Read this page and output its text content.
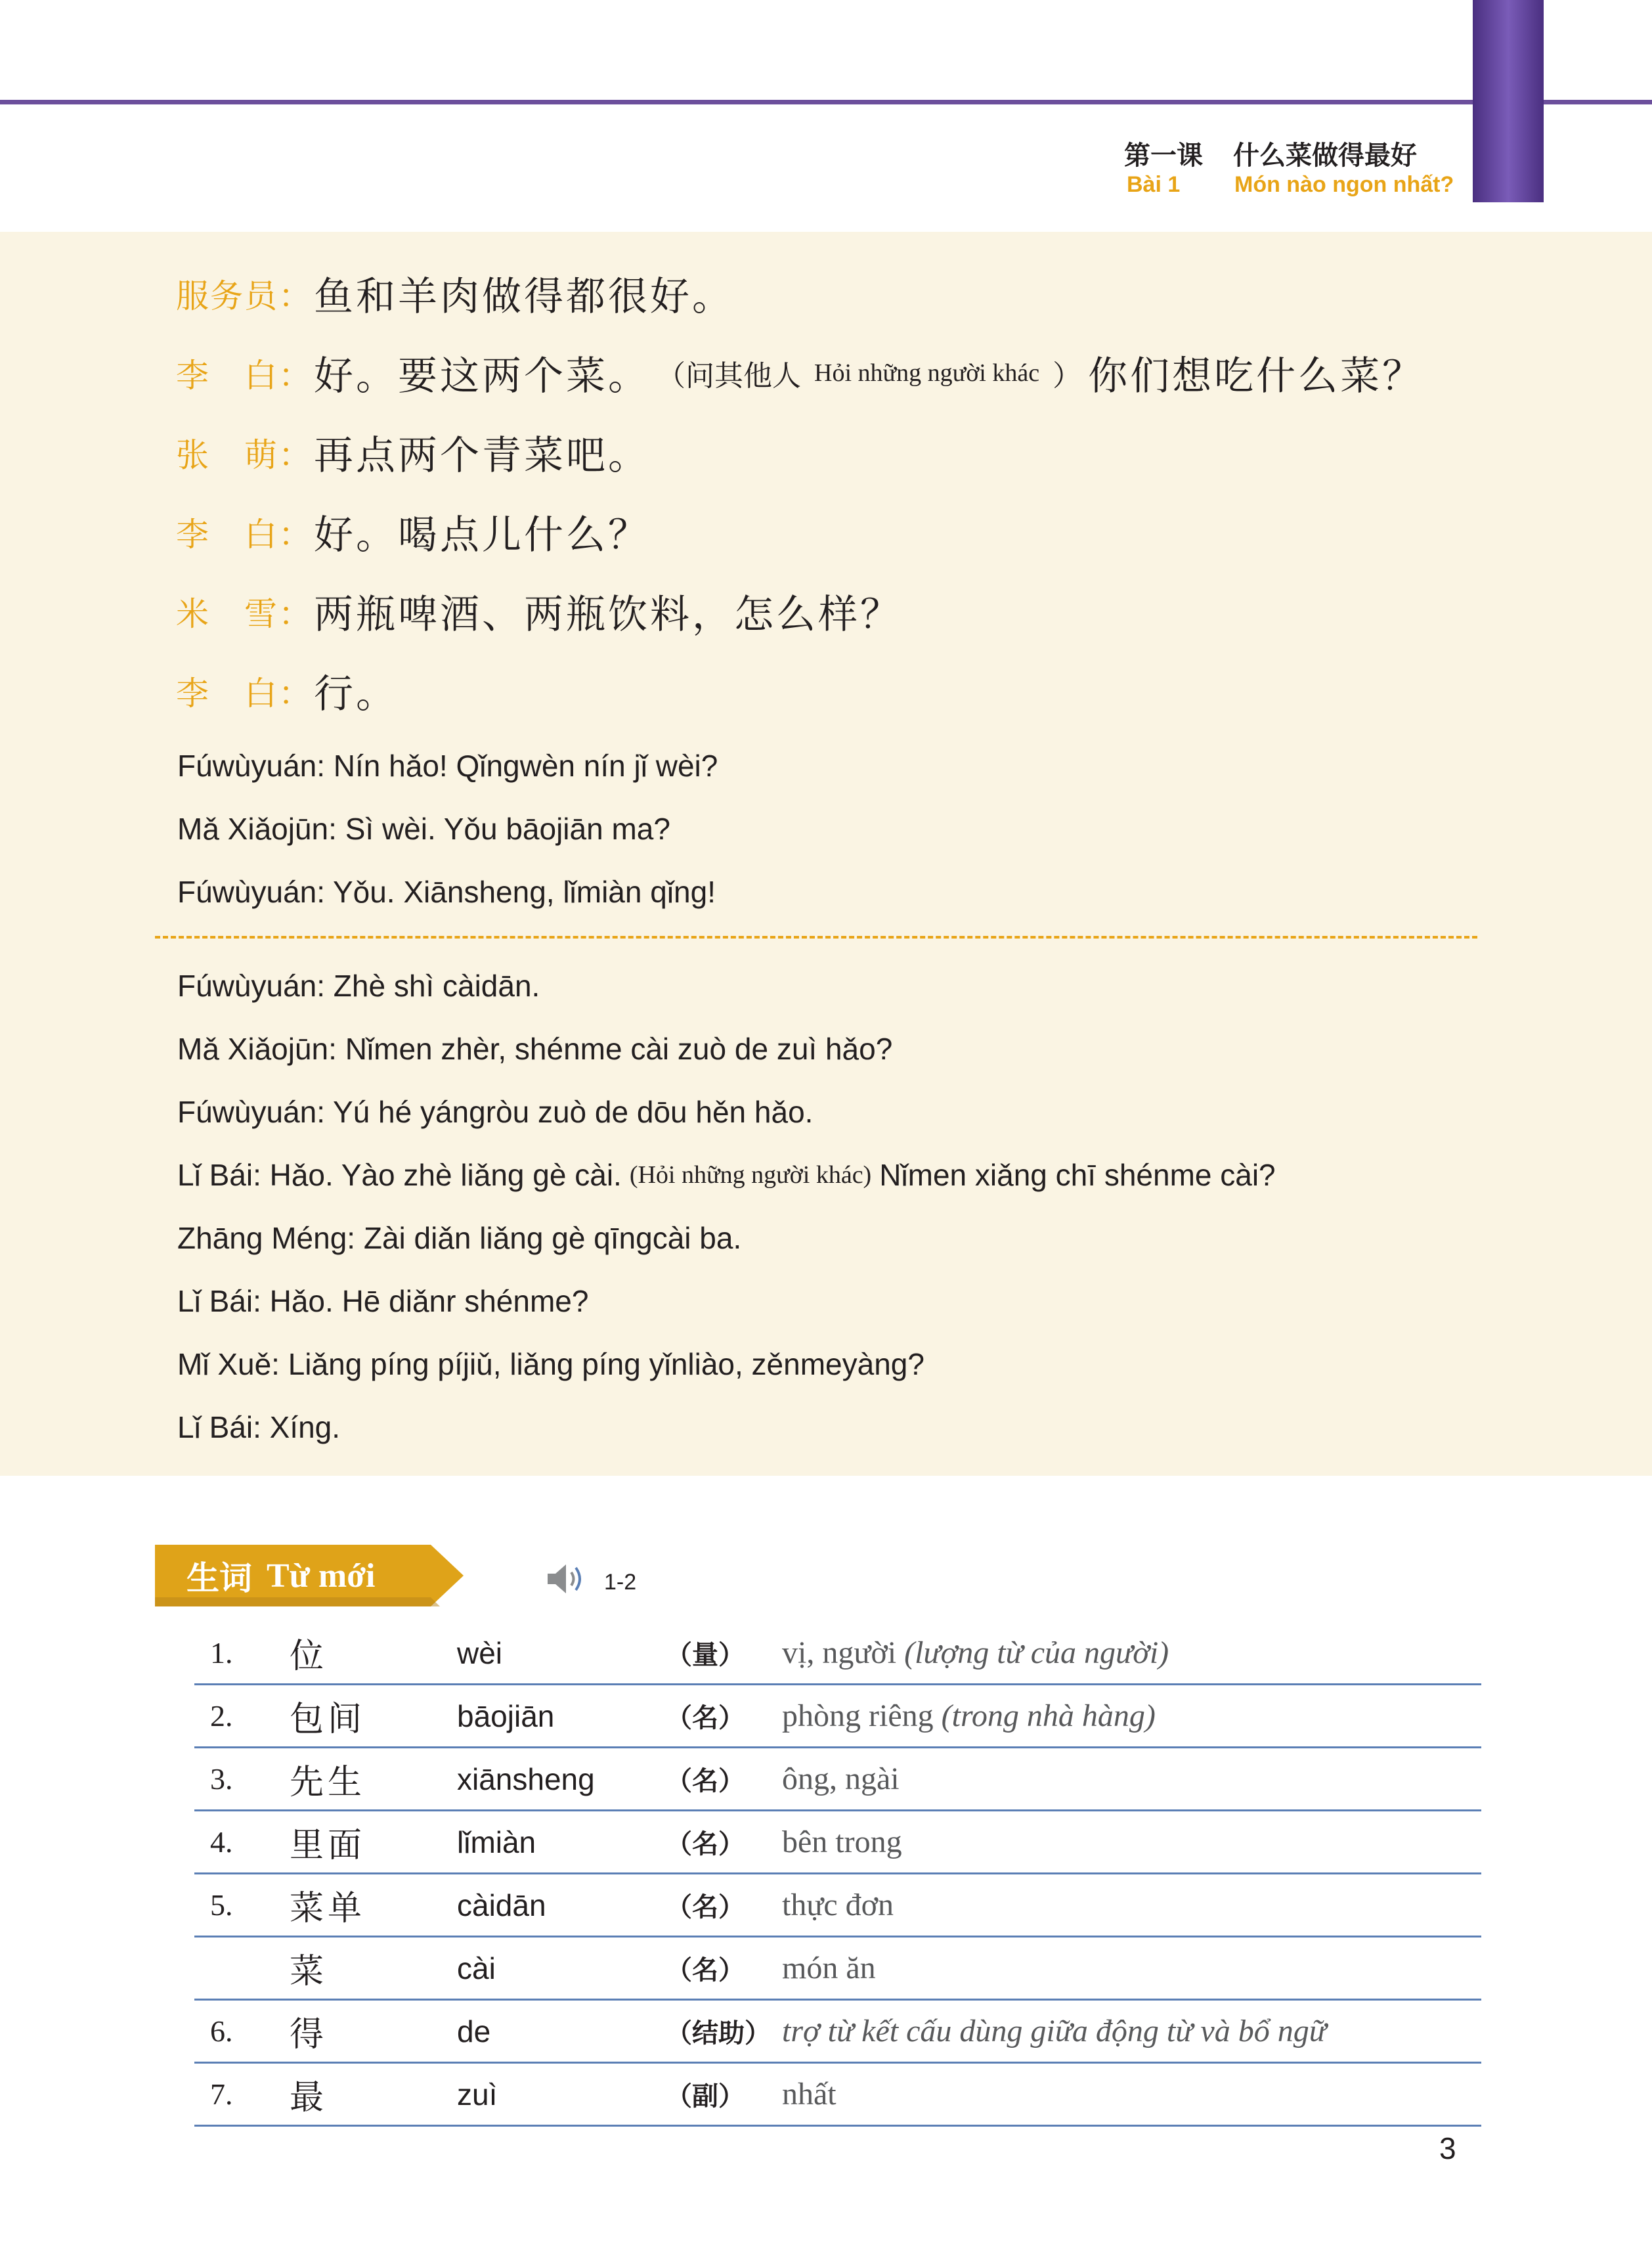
第一课 什么菜做得最好
Bài 1 Món nào ngon nhất?
服务员： 鱼和羊肉做得都很好。
李　白： 好。要这两个菜。 （问其他人 Hỏi những người khác ） 你们想吃什么菜？
张　萌： 再点两个青菜吧。
李　白： 好。喝点儿什么？
米　雪： 两瓶啤酒、两瓶饮料，怎么样？
李　白： 行。
Fúwùyuán: Nín hǎo! Qǐngwèn nín jǐ wèi?
Mǎ Xiǎojūn: Sì wèi. Yǒu bāojiān ma?
Fúwùyuán: Yǒu. Xiānsheng, lǐmiàn qǐng!
Fúwùyuán: Zhè shì càidān.
Mǎ Xiǎojūn: Nǐmen zhèr, shénme cài zuò de zuì hǎo?
Fúwùyuán: Yú hé yángròu zuò de dōu hěn hǎo.
Lǐ Bái: Hǎo. Yào zhè liǎng gè cài. (Hỏi những người khác) Nǐmen xiǎng chī shénme cài?
Zhāng Méng: Zài diǎn liǎng gè qīngcài ba.
Lǐ Bái: Hǎo. Hē diǎnr shénme?
Mǐ Xuě: Liǎng píng píjiǔ, liǎng píng yǐnliào, zěnmeyàng?
Lǐ Bái: Xíng.
生词 Từ mới	1-2
1. 位	wèi	（量） vị, người
(lượng từ của người)
2. 包间	bāojiān	（名） phòng riêng
(trong nhà hàng)
3. 先生	xiānsheng	（名） ông, ngài
4. 里面	lǐmiàn	（名） bên trong
5. 菜单	càidān	（名） thực đơn
菜	cài	（名） món ăn
6. 得	de	（结助） trợ từ kết cấu dùng giữa động từ và bổ ngữ
7. 最	zuì	（副） nhất
3
